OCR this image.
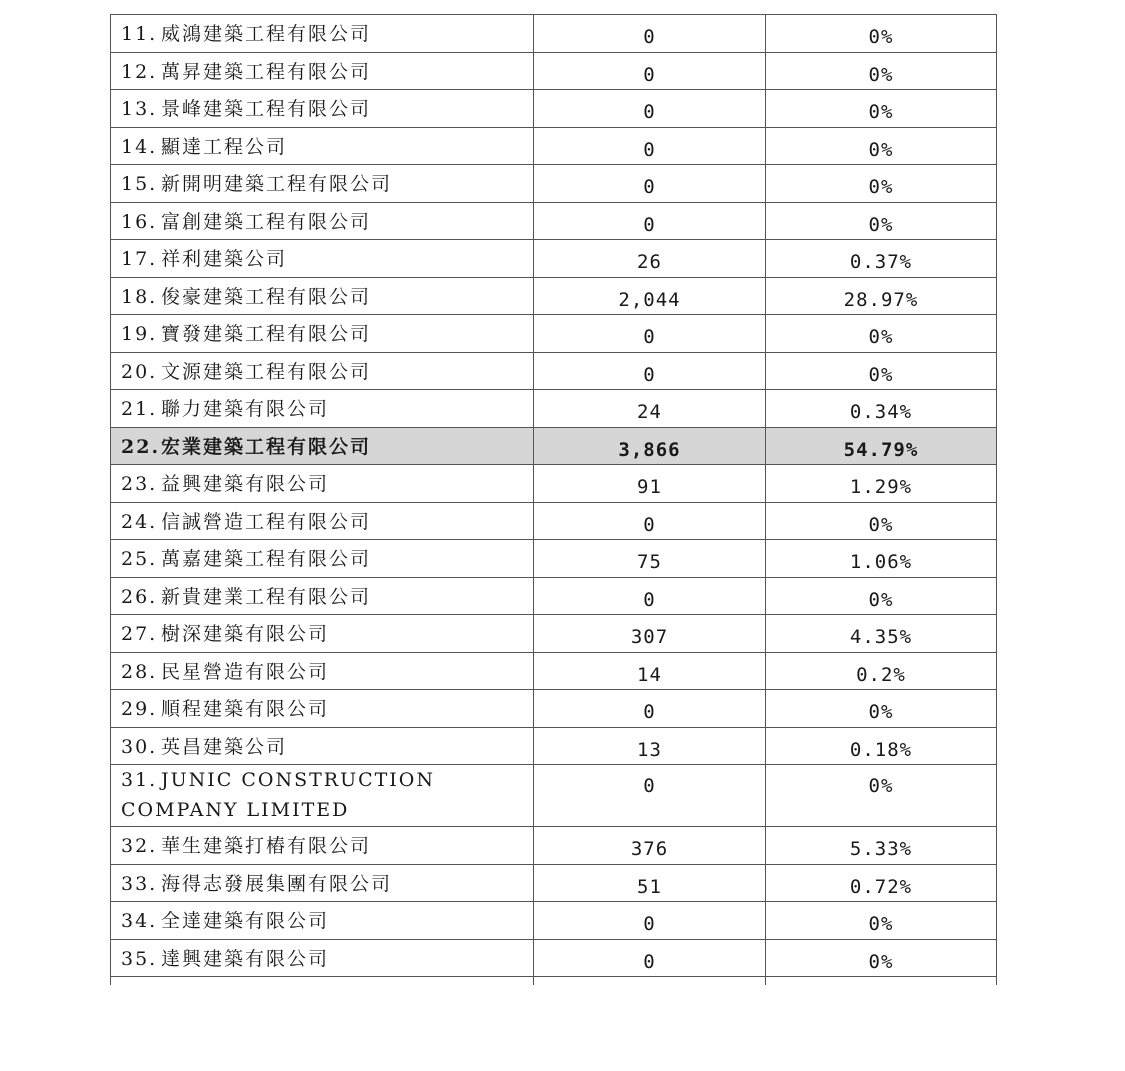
11. 威鴻建築工程有限公司	0	0%
12. 萬昇建築工程有限公司	0	0%
13. 景峰建築工程有限公司	0	0%
14. 顯達工程公司	0	0%
15. 新開明建築工程有限公司	0	0%
16. 富創建築工程有限公司	0	0%
17. 祥利建築公司	26	0.37%
18. 俊豪建築工程有限公司	2,044	28.97%
19. 寶發建築工程有限公司	0	0%
20. 文源建築工程有限公司	0	0%
21. 聯力建築有限公司	24	0.34%
22.宏業建築工程有限公司	3,866	54.79%
23. 益興建築有限公司	91	1.29%
24. 信誠營造工程有限公司	0	0%
25. 萬嘉建築工程有限公司	75	1.06%
26. 新貴建業工程有限公司	0	0%
27. 樹深建築有限公司	307	4.35%
28. 民星營造有限公司	14	0.2%
29. 順程建築有限公司	0	0%
30. 英昌建築公司	13	0.18%
31. JUNIC CONSTRUCTION COMPANY LIMITED	0	0%
32. 華生建築打樁有限公司	376	5.33%
33. 海得志發展集團有限公司	51	0.72%
34. 全達建築有限公司	0	0%
35. 達興建築有限公司	0	0%
